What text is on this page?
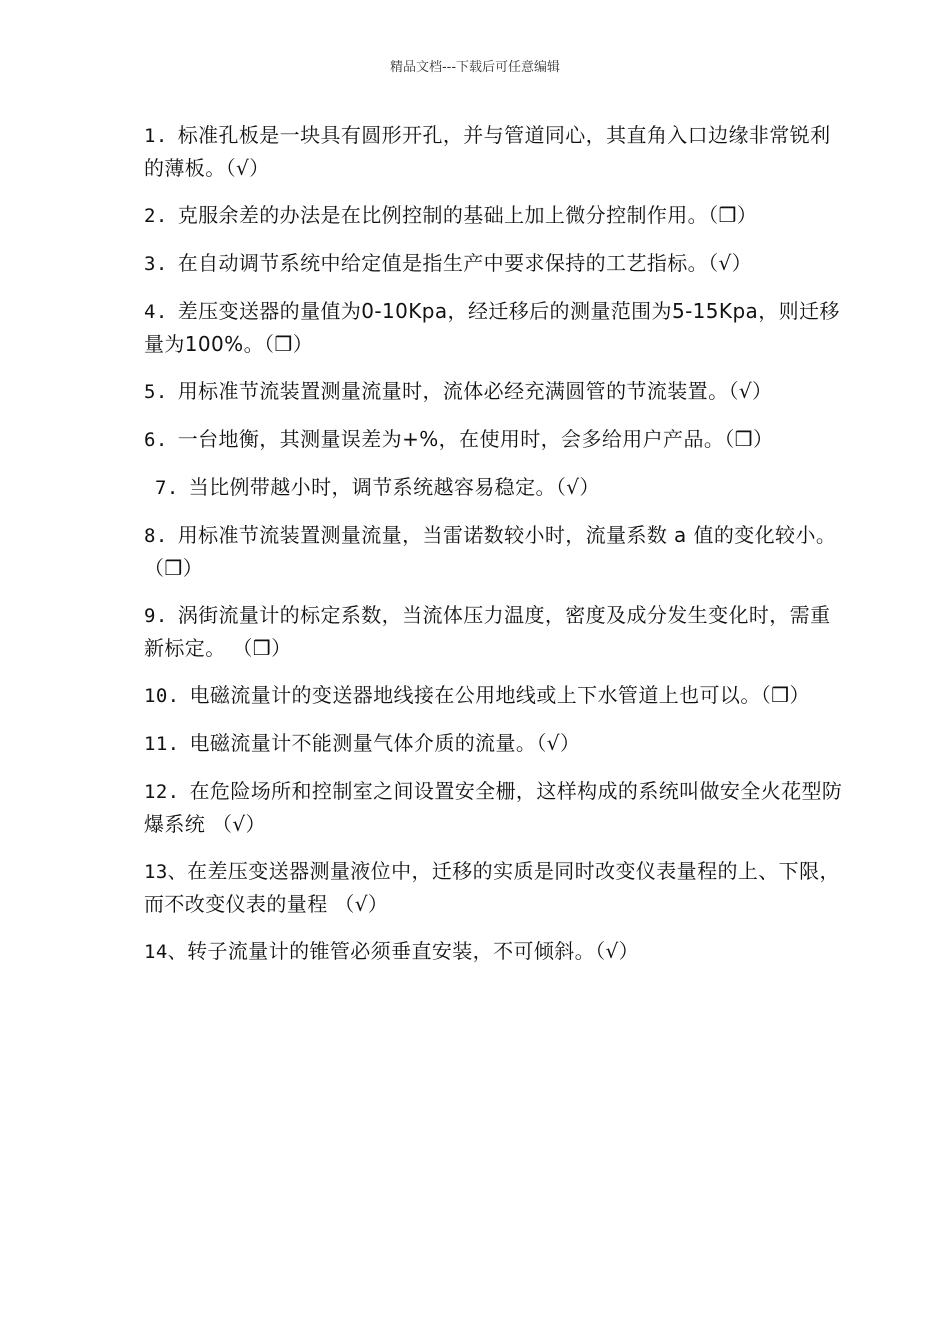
精品文档---下载后可任意编辑
1. 标准孔板是一块具有圆形开孔，并与管道同心，其直角入口边缘非常锐利的薄板。（√）
2. 克服余差的办法是在比例控制的基础上加上微分控制作用。（❒）
3. 在自动调节系统中给定值是指生产中要求保持的工艺指标。（√）
4. 差压变送器的量值为0-10Kpa，经迁移后的测量范围为5-15Kpa，则迁移量为100%。（❒）
5. 用标准节流装置测量流量时，流体必经充满圆管的节流装置。（√）
6. 一台地衡，其测量误差为+%，在使用时，会多给用户产品。（❒）
7. 当比例带越小时，调节系统越容易稳定。（√）
8. 用标准节流装置测量流量，当雷诺数较小时，流量系数 a 值的变化较小。（❒）
9. 涡街流量计的标定系数，当流体压力温度，密度及成分发生变化时，需重新标定。 （❒）
10. 电磁流量计的变送器地线接在公用地线或上下水管道上也可以。（❒）
11. 电磁流量计不能测量气体介质的流量。（√）
12. 在危险场所和控制室之间设置安全栅，这样构成的系统叫做安全火花型防爆系统 （√）
13、在差压变送器测量液位中，迁移的实质是同时改变仪表量程的上、下限，而不改变仪表的量程 （√）
14、转子流量计的锥管必须垂直安装，不可倾斜。（√）
